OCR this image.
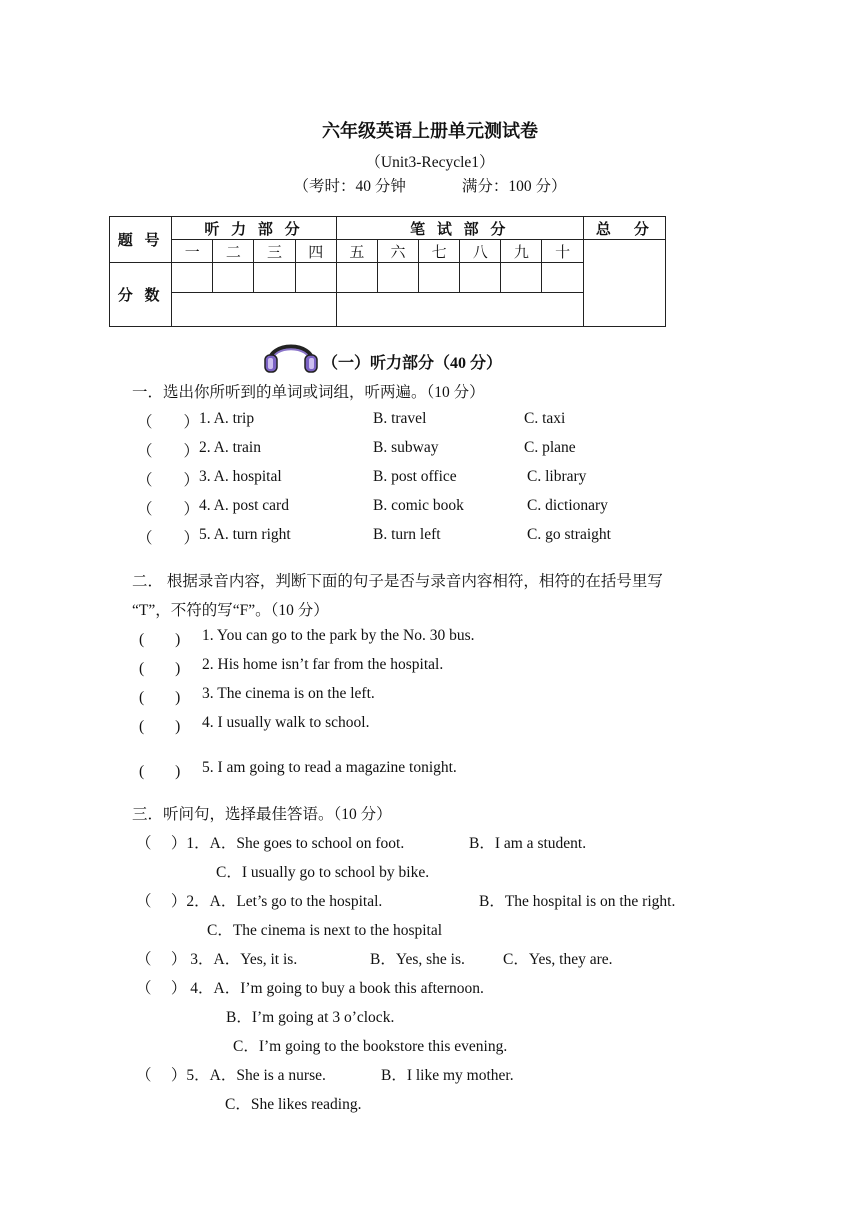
六年级英语上册单元测试卷
（Unit3-Recycle1）
（考时：40 分钟	满分：100 分）
题 号	听 力 部 分				笔 试 部 分						总　分
	一	二	三	四	五	六	七	八	九	十	
分 数											

（一）听力部分（40 分）
一．选出你所听到的单词或词组，听两遍。（10 分）
（　　） 1. A. trip	B. travel	C. taxi
（　　） 2. A. train	B. subway	C. plane
（　　） 3. A. hospital	B. post office	C. library
（　　） 4. A. post card	B. comic book	C. dictionary
（　　） 5. A. turn right	B. turn left	C. go straight
二． 根据录音内容，判断下面的句子是否与录音内容相符，相符的在括号里写
“T”，不符的写“F”。（10 分）
(　　) 1. You can go to the park by the No. 30 bus.
(　　) 2. His home isn’t far from the hospital.
(　　) 3. The cinema is on the left.
(　　) 4. I usually walk to school.
(　　) 5. I am going to read a magazine tonight.
三．听问句，选择最佳答语。（10 分）
（　 ）1．A．She goes to school on foot.	B．I am a student.
C．I usually go to school by bike.
（　 ）2．A．Let’s go to the hospital.	B．The hospital is on the right.
C．The cinema is next to the hospital
（　 ） 3．A．Yes, it is.	B．Yes, she is. C．Yes, they are.
（　 ） 4．A．I’m going to buy a book this afternoon.
B．I’m going at 3 o’clock.
C．I’m going to the bookstore this evening.
（　 ）5．A．She is a nurse.	B．I like my mother.
C．She likes reading.
